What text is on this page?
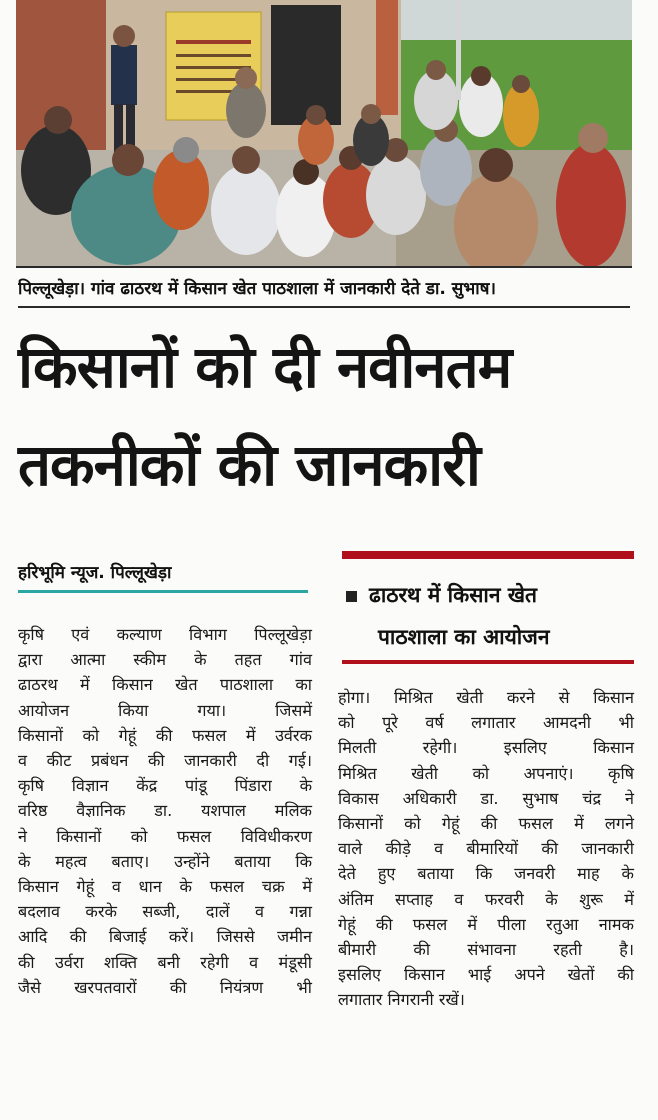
पिल्लूखेड़ा। गांव ढाठरथ में किसान खेत पाठशाला में जानकारी देते डा. सुभाष।
किसानों को दी नवीनतम
तकनीकों की जानकारी
हरिभूमि न्यूज. पिल्लूखेड़ा
ढाठरथ में किसान खेत
पाठशाला का आयोजन
कृषि एवं कल्याण विभाग पिल्लूखेड़ा
द्वारा आत्मा स्कीम के तहत गांव
ढाठरथ में किसान खेत पाठशाला का
आयोजन किया गया। जिसमें
किसानों को गेहूं की फसल में उर्वरक
व कीट प्रबंधन की जानकारी दी गई।
कृषि विज्ञान केंद्र पांडू पिंडारा के
वरिष्ठ वैज्ञानिक डा. यशपाल मलिक
ने किसानों को फसल विविधीकरण
के महत्व बताए। उन्होंने बताया कि
किसान गेहूं व धान के फसल चक्र में
बदलाव करके सब्जी, दालें व गन्ना
आदि की बिजाई करें। जिससे जमीन
की उर्वरा शक्ति बनी रहेगी व मंडूसी
जैसे खरपतवारों की नियंत्रण भी
होगा। मिश्रित खेती करने से किसान
को पूरे वर्ष लगातार आमदनी भी
मिलती रहेगी। इसलिए किसान
मिश्रित खेती को अपनाएं। कृषि
विकास अधिकारी डा. सुभाष चंद्र ने
किसानों को गेहूं की फसल में लगने
वाले कीड़े व बीमारियों की जानकारी
देते हुए बताया कि जनवरी माह के
अंतिम सप्ताह व फरवरी के शुरू में
गेहूं की फसल में पीला रतुआ नामक
बीमारी की संभावना रहती है।
इसलिए किसान भाई अपने खेतों की
लगातार निगरानी रखें।
